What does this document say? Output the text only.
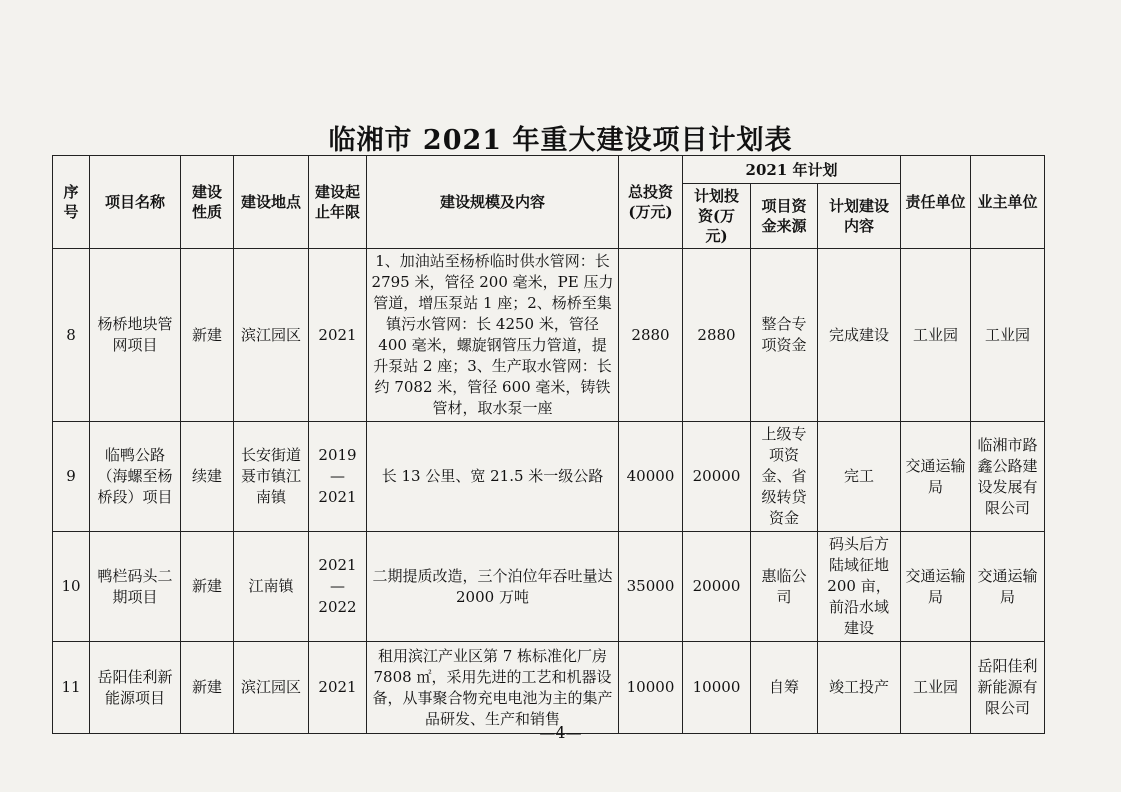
临湘市 2021 年重大建设项目计划表
序号	项目名称	建设性质	建设地点	建设起止年限	建设规模及内容	总投资(万元)	2021 年计划			责任单位	业主单位
							计划投资(万元)	项目资金来源	计划建设内容		
8	杨桥地块管网项目	新建	滨江园区	2021	1、加油站至杨桥临时供水管网：长 2795 米，管径 200 毫米，PE 压力管道，增压泵站 1 座；2、杨桥至集镇污水管网：长 4250 米，管径 400 毫米，螺旋钢管压力管道，提升泵站 2 座；3、生产取水管网：长约 7082 米，管径 600 毫米，铸铁管材，取水泵一座	2880	2880	整合专项资金	完成建设	工业园	工业园
9	临鸭公路（海螺至杨桥段）项目	续建	长安街道聂市镇江南镇	2019—2021	长 13 公里、宽 21.5 米一级公路	40000	20000	上级专项资金、省级转贷资金	完工	交通运输局	临湘市路鑫公路建设发展有限公司
10	鸭栏码头二期项目	新建	江南镇	2021—2022	二期提质改造，三个泊位年吞吐量达 2000 万吨	35000	20000	惠临公司	码头后方陆域征地 200 亩，前沿水域建设	交通运输局	交通运输局
11	岳阳佳利新能源项目	新建	滨江园区	2021	租用滨江产业区第 7 栋标准化厂房 7808 ㎡，采用先进的工艺和机器设备，从事聚合物充电电池为主的集产品研发、生产和销售	10000	10000	自筹	竣工投产	工业园	岳阳佳利新能源有限公司
—4—
